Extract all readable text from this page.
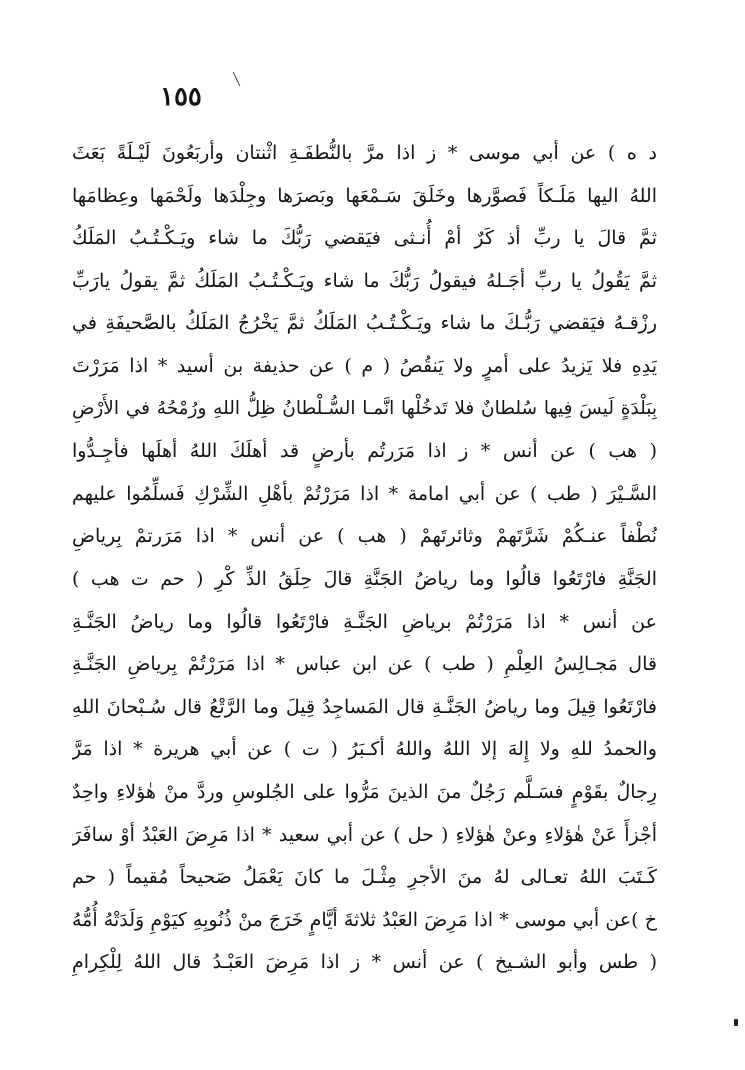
١٥٥
د ه ) عن أبي موسى * ز اذا مرَّ بالنُّطفَـةِ اثْنتان وأربَعُونَ لَيْـلَةً بَعَثَ
اللهُ اليها مَلَـكاً فَصوَّرها وخَلَقَ سَـمْعَها وبَصرَها وجِلْدَها ولَحْمَها وعِظامَها
ثمَّ قالَ يا ربِّ أذ كَرٌ أمْ أُنـثى فيَقضي رَبُّكَ ما شاء ويَـكْـتُـبُ المَلَكُ
ثمَّ يَقُولُ يا ربِّ أجَـلهُ فيقولُ رَبُّكَ ما شاء ويَـكْـتُـبُ المَلَكُ ثمَّ يقولُ يارَبِّ
رزْقـهُ فيَقضي رَبُّـكَ ما شاء ويَـكْـتُـبُ المَلَكُ ثمَّ يَخْرُجُ المَلَكُ بالصَّحيفَةِ في
يَدِهِ فلا يَزيدُ على أمرٍ ولا يَنقُصُ ( م ) عن حذيفة بن أسيد * اذا مَرَرْتَ
بِبَلْدَةٍ لَيسَ فِيها سُلطانٌ فلا تَدخُلْها انَّمـا السُّـلْطانُ ظِلُّ اللهِ ورُمْحُهُ في الأَرْضِ
( هب ) عن أنس * ز اذا مَرَرتُم بأرضٍ قد أهلَكَ اللهُ أهلَها فأجِـدُّوا
السَّـيْرَ ( طب ) عن أبي امامة * اذا مَرَرْتُمْ بأهْلِ الشِّرْكِ فَسلِّمُوا عليهم
نُطْفاً عنـكُمْ شَرَّتَهمْ وثائرتَهمْ ( هب ) عن أنس * اذا مَرَرتمْ بِرياضِ
الجَنَّةِ فارْتَعُوا قالُوا وما رياضُ الجَنَّةِ قالَ حِلَقُ الذِّ كْرِ ( حم ت هب )
عن أنس * اذا مَرَرْتُمْ برياضِ الجَنَّـةِ فارْتَعُوا قالُوا وما رياضُ الجَنَّـةِ
قال مَجـالِسُ العِلْمِ ( طب ) عن ابن عباس * اذا مَرَرْتُمْ بِرياضِ الجَنَّـةِ
فارْتَعُوا قِيلَ وما رياضُ الجَنَّـةِ قال المَساجِدُ قِيلَ وما الرَّتْعُ قال سُـبْحانَ اللهِ
والحمدُ للهِ ولا إِلهَ إلا اللهُ واللهُ أكـبَرُ ( ت ) عن أبي هريرة * اذا مَرَّ
رِجالٌ بقَوْمٍ فسَـلَّم رَجُلٌ منَ الذينَ مَرُّوا على الجُلوسِ وردَّ منْ هٰؤلاءِ واحِدٌ
أجْزأَ عَنْ هٰؤلاءِ وعنْ هٰؤلاءِ ( حل ) عن أبي سعيد * اذا مَرِضَ العَبْدُ أوْ سافَرَ
كَـتَبَ اللهُ تعـالى لهُ منَ الأجرِ مِثْـلَ ما كانَ يَعْمَلُ صَحيحاً مُقيماً ( حم
خ )عن أبي موسى * اذا مَرِضَ العَبْدُ ثلاثةَ أيَّامٍ خَرَجَ منْ ذُنُوبِهِ كيَوْمِ وَلَدَتْهُ أُمُّهُ
( طس وأبو الشـيخ ) عن أنس * ز اذا مَرِضَ العَبْـدُ قال اللهُ لِلْكِرامِ
